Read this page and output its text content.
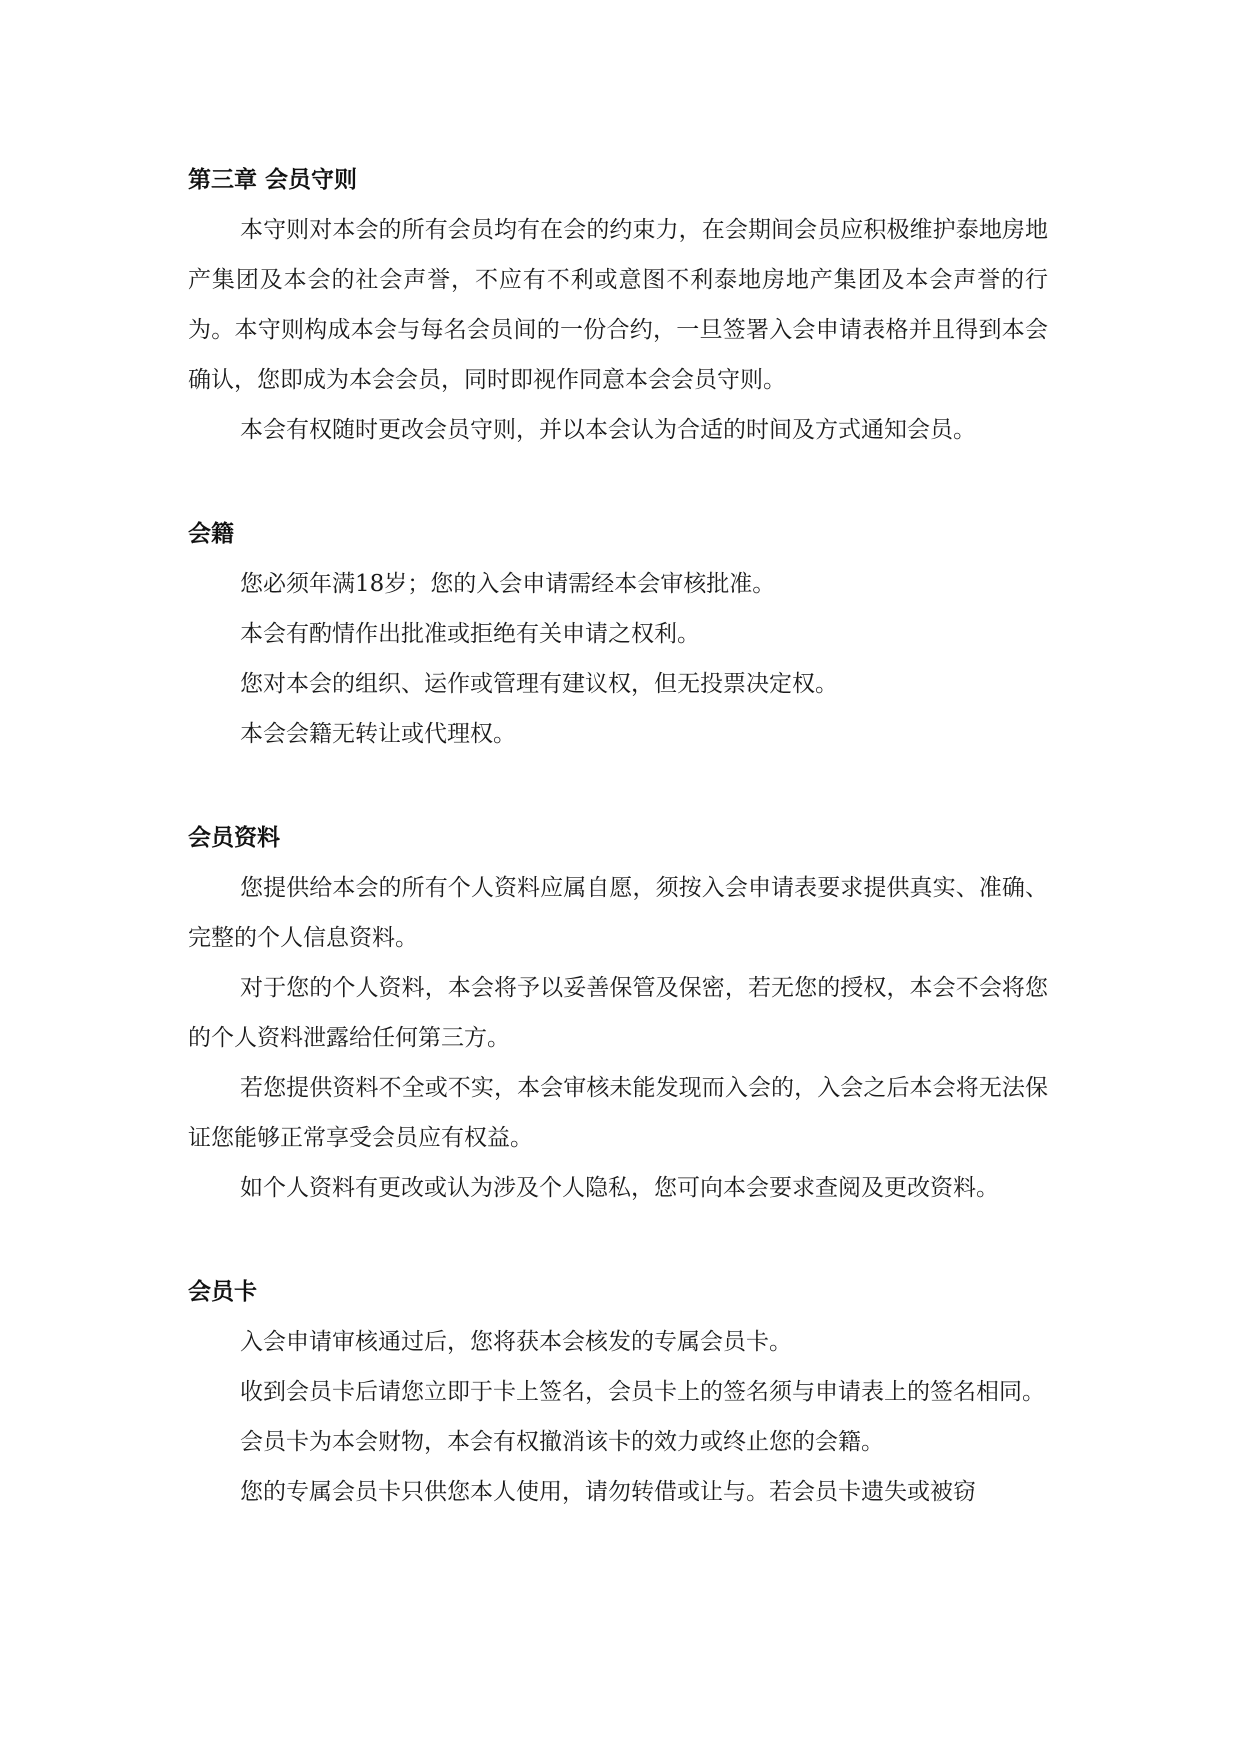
第三章 会员守则

本守则对本会的所有会员均有在会的约束力，在会期间会员应积极维护泰地房地产集团及本会的社会声誉，不应有不利或意图不利泰地房地产集团及本会声誉的行为。本守则构成本会与每名会员间的一份合约，一旦签署入会申请表格并且得到本会确认，您即成为本会会员，同时即视作同意本会会员守则。

本会有权随时更改会员守则，并以本会认为合适的时间及方式通知会员。

会籍

您必须年满18岁；您的入会申请需经本会审核批准。

本会有酌情作出批准或拒绝有关申请之权利。

您对本会的组织、运作或管理有建议权，但无投票决定权。

本会会籍无转让或代理权。

会员资料

您提供给本会的所有个人资料应属自愿，须按入会申请表要求提供真实、准确、完整的个人信息资料。

对于您的个人资料，本会将予以妥善保管及保密，若无您的授权，本会不会将您的个人资料泄露给任何第三方。

若您提供资料不全或不实，本会审核未能发现而入会的，入会之后本会将无法保证您能够正常享受会员应有权益。

如个人资料有更改或认为涉及个人隐私，您可向本会要求查阅及更改资料。

会员卡

入会申请审核通过后，您将获本会核发的专属会员卡。

收到会员卡后请您立即于卡上签名，会员卡上的签名须与申请表上的签名相同。

会员卡为本会财物，本会有权撤消该卡的效力或终止您的会籍。

您的专属会员卡只供您本人使用，请勿转借或让与。若会员卡遗失或被窃
